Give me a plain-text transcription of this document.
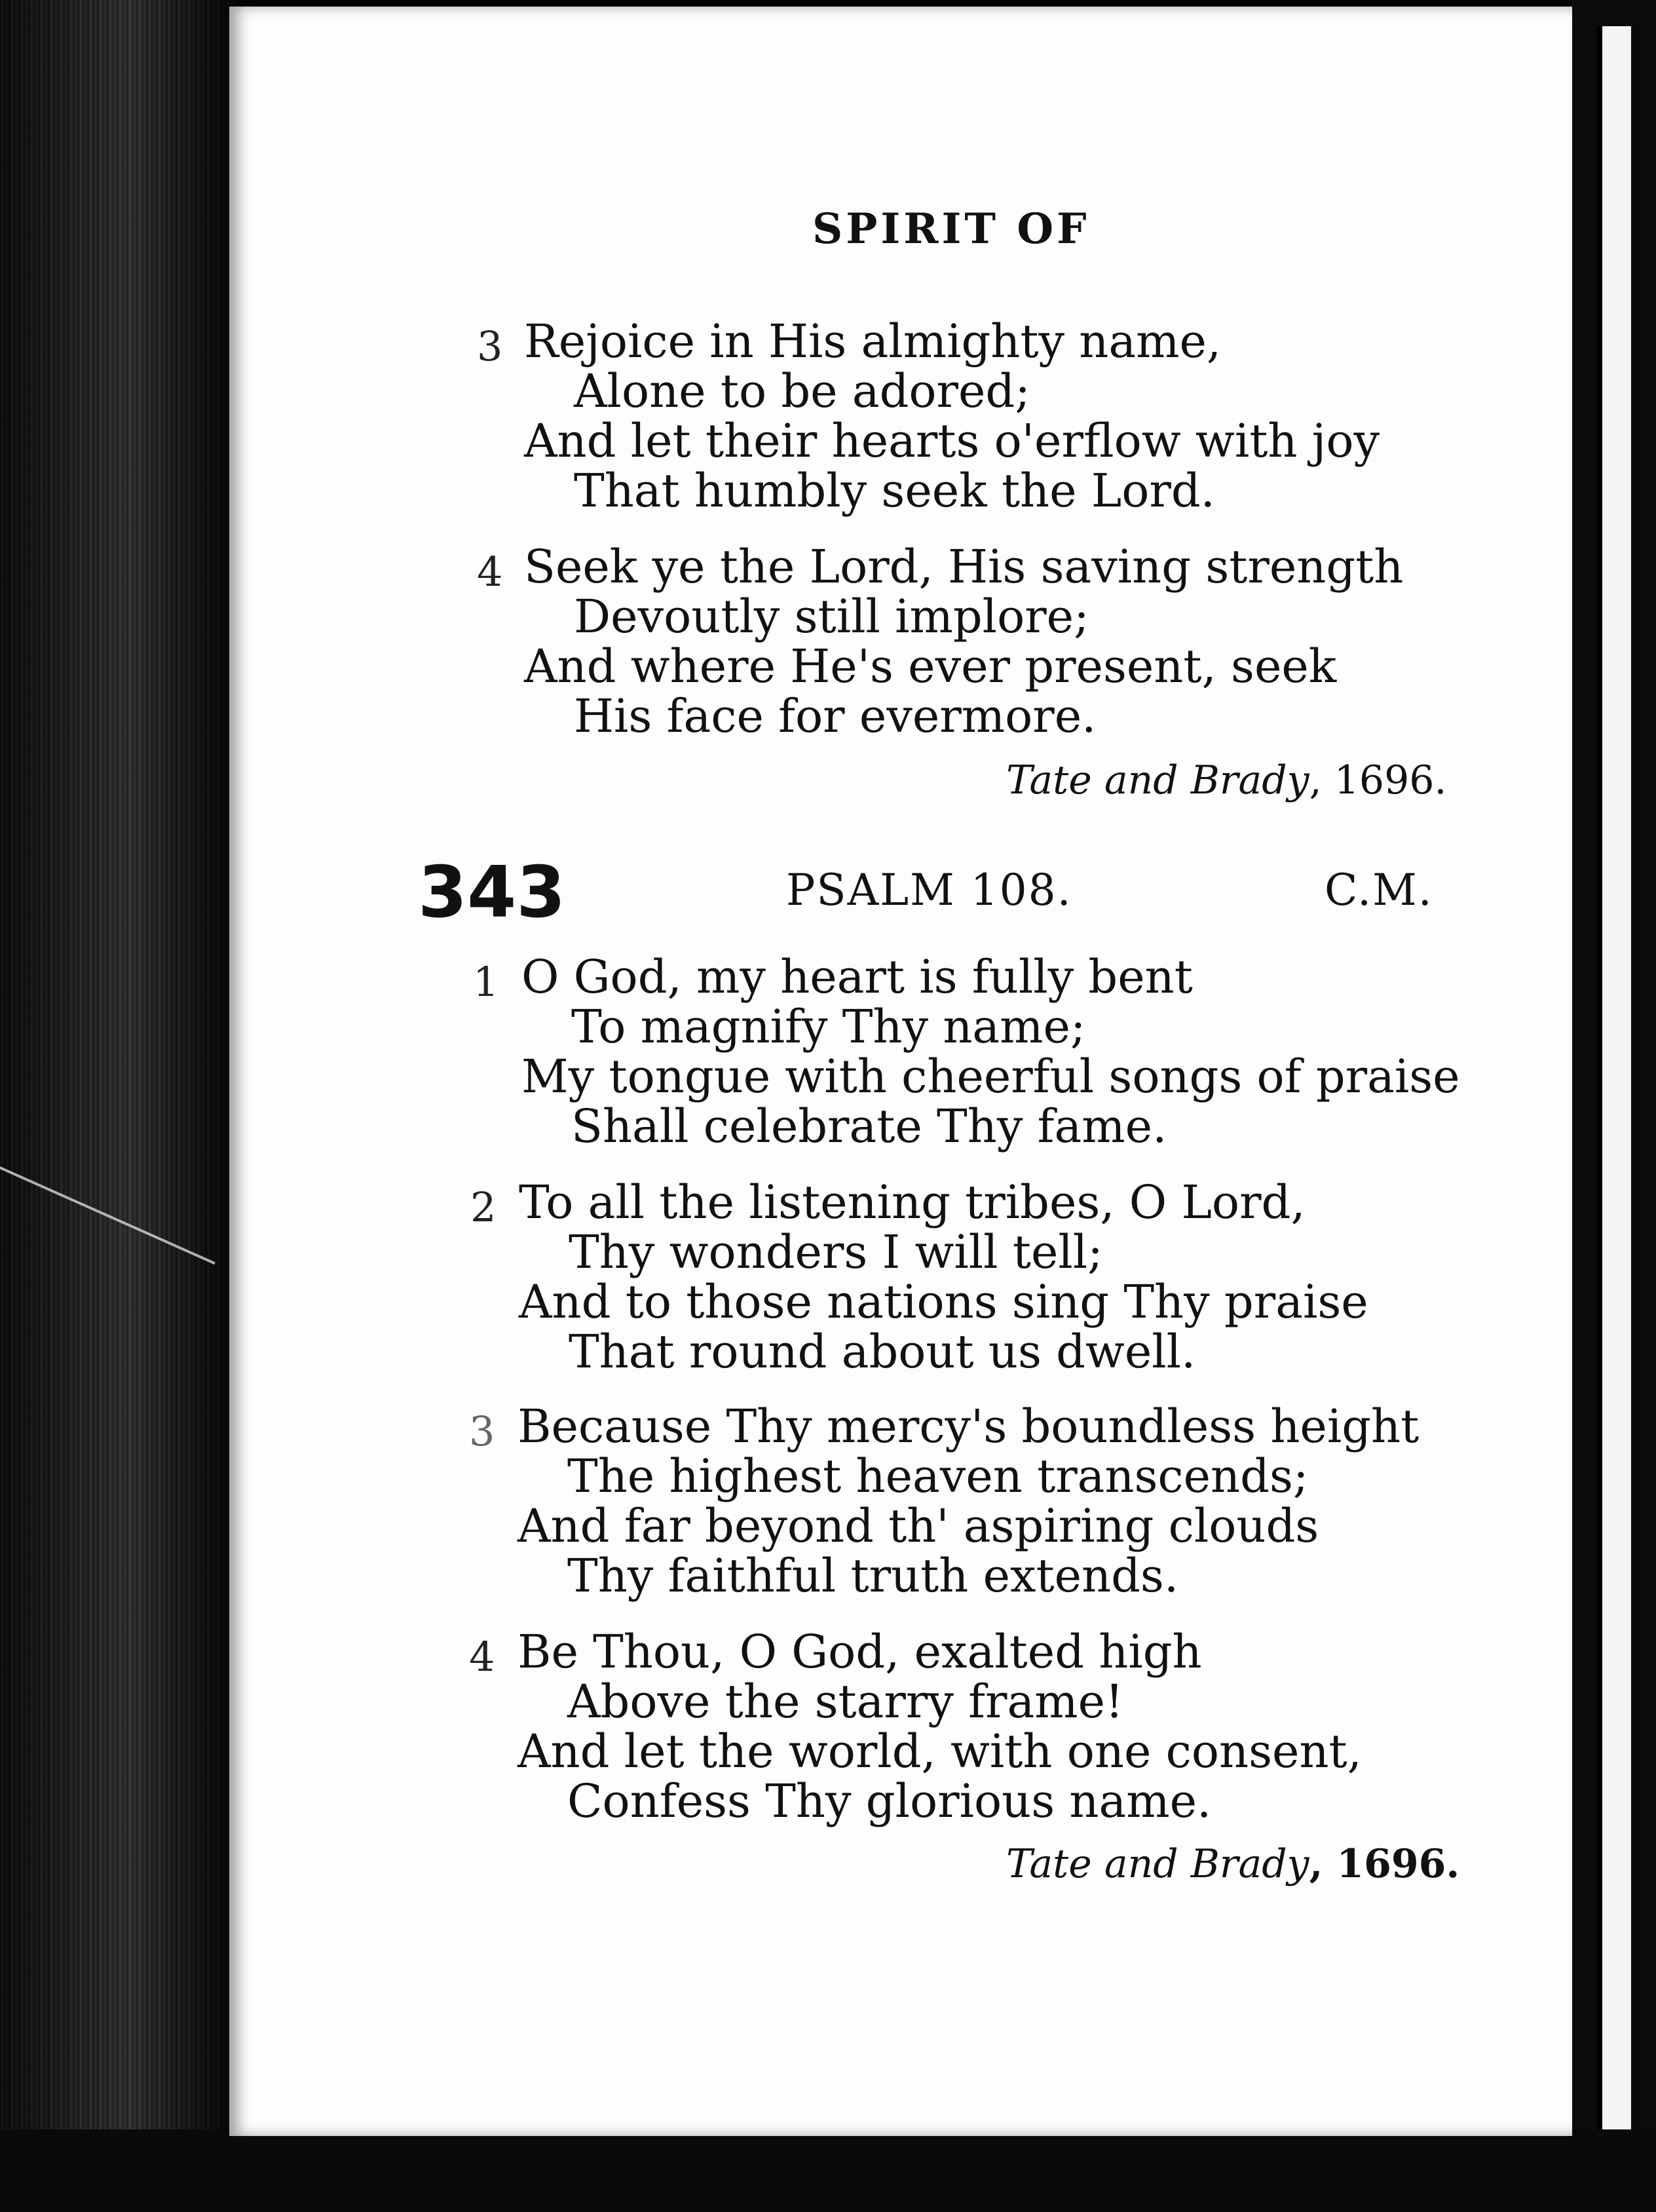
SPIRIT OF

3 Rejoice in His almighty name,

Alone to be adored;

And let their hearts o'erflow with joy

That humbly seek the Lord.

4 Seek ye the Lord, His saving strength

Devoutly still implore;

And where He's ever present, seek

His face for evermore.

Tate and Brady, 1696.

343	PSALM 108.	C.M.

1 O God, my heart is fully bent

To magnify Thy name;

My tongue with cheerful songs of praise

Shall celebrate Thy fame.

2 To all the listening tribes, O Lord,

Thy wonders I will tell;

And to those nations sing Thy praise

That round about us dwell.

3 Because Thy mercy's boundless height

The highest heaven transcends;

And far beyond th' aspiring clouds

Thy faithful truth extends.

4 Be Thou, O God, exalted high

Above the starry frame!

And let the world, with one consent,

Confess Thy glorious name.

Tate and Brady, 1696.
